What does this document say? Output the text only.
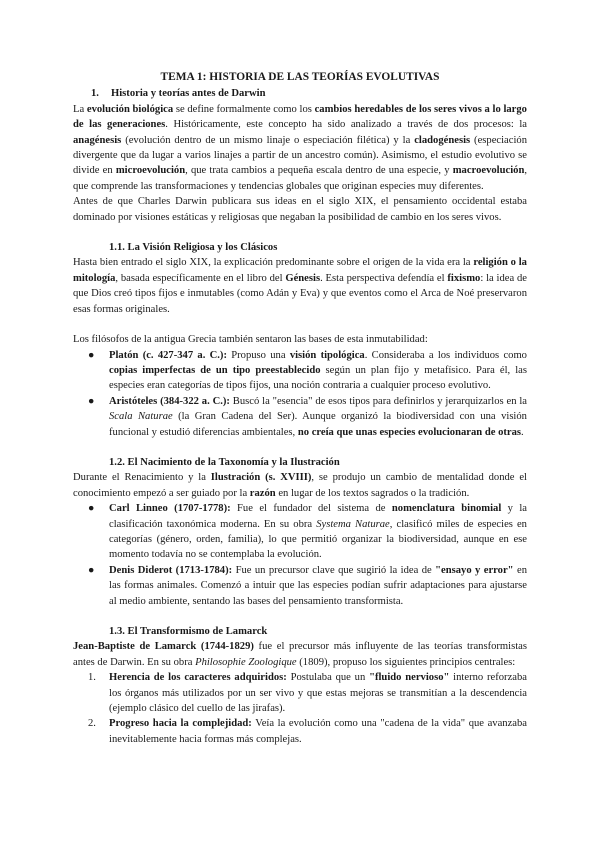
TEMA 1: HISTORIA DE LAS TEORÍAS EVOLUTIVAS
1. Historia y teorías antes de Darwin

La evolución biológica se define formalmente como los cambios heredables de los seres vivos a lo largo de las generaciones. Históricamente, este concepto ha sido analizado a través de dos procesos: la anagénesis (evolución dentro de un mismo linaje o especiación filética) y la cladogénesis (especiación divergente que da lugar a varios linajes a partir de un ancestro común). Asimismo, el estudio evolutivo se divide en microevolución, que trata cambios a pequeña escala dentro de una especie, y macroevolución, que comprende las transformaciones y tendencias globales que originan especies muy diferentes.

Antes de que Charles Darwin publicara sus ideas en el siglo XIX, el pensamiento occidental estaba dominado por visiones estáticas y religiosas que negaban la posibilidad de cambio en los seres vivos.

1.1. La Visión Religiosa y los Clásicos

Hasta bien entrado el siglo XIX, la explicación predominante sobre el origen de la vida era la religión o la mitología, basada específicamente en el libro del Génesis. Esta perspectiva defendía el fixismo: la idea de que Dios creó tipos fijos e inmutables (como Adán y Eva) y que eventos como el Arca de Noé preservaron esas formas originales.

Los filósofos de la antigua Grecia también sentaron las bases de esta inmutabilidad:

● Platón (c. 427-347 a. C.): Propuso una visión tipológica. Consideraba a los individuos como copias imperfectas de un tipo preestablecido según un plan fijo y metafísico. Para él, las especies eran categorías de tipos fijos, una noción contraria a cualquier proceso evolutivo.
● Aristóteles (384-322 a. C.): Buscó la "esencia" de esos tipos para definirlos y jerarquizarlos en la Scala Naturae (la Gran Cadena del Ser). Aunque organizó la biodiversidad con una visión funcional y estudió diferencias ambientales, no creía que unas especies evolucionaran de otras.
1.2. El Nacimiento de la Taxonomía y la Ilustración

Durante el Renacimiento y la Ilustración (s. XVIII), se produjo un cambio de mentalidad donde el conocimiento empezó a ser guiado por la razón en lugar de los textos sagrados o la tradición.

● Carl Linneo (1707-1778): Fue el fundador del sistema de nomenclatura binomial y la clasificación taxonómica moderna. En su obra Systema Naturae, clasificó miles de especies en categorías (género, orden, familia), lo que permitió organizar la biodiversidad, aunque en ese momento todavía no se contemplaba la evolución.
● Denis Diderot (1713-1784): Fue un precursor clave que sugirió la idea de "ensayo y error" en las formas animales. Comenzó a intuir que las especies podían sufrir adaptaciones para ajustarse al medio ambiente, sentando las bases del pensamiento transformista.
1.3. El Transformismo de Lamarck

Jean-Baptiste de Lamarck (1744-1829) fue el precursor más influyente de las teorías transformistas antes de Darwin. En su obra Philosophie Zoologique (1809), propuso los siguientes principios centrales:

1. Herencia de los caracteres adquiridos: Postulaba que un "fluido nervioso" interno reforzaba los órganos más utilizados por un ser vivo y que estas mejoras se transmitían a la descendencia (ejemplo clásico del cuello de las jirafas).
2. Progreso hacia la complejidad: Veía la evolución como una "cadena de la vida" que avanzaba inevitablemente hacia formas más complejas.
